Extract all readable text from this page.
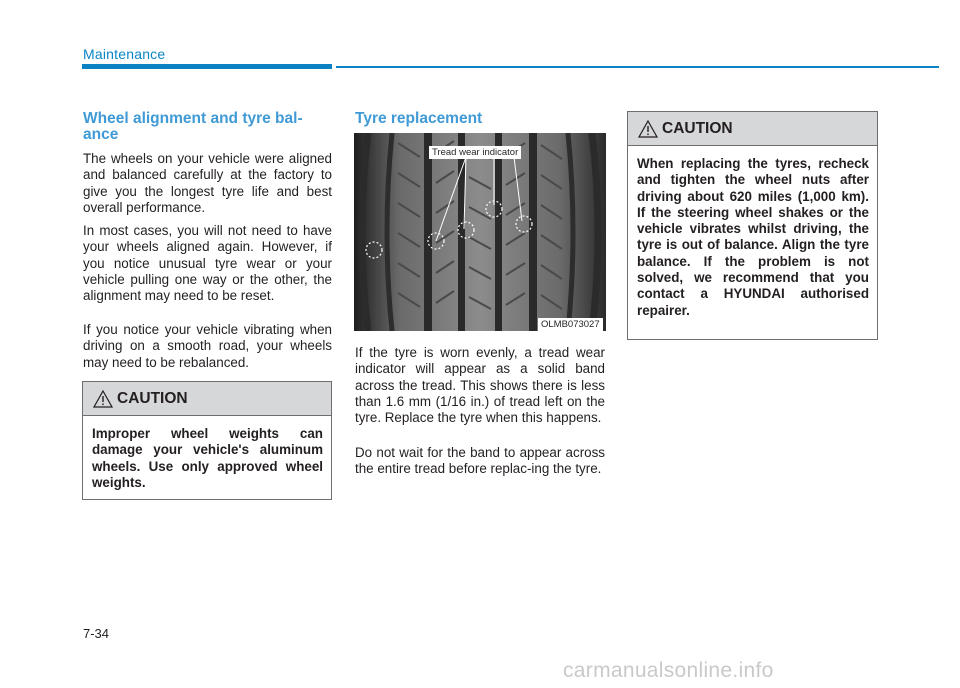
Maintenance
Wheel alignment and tyre bal-
ance

The wheels on your vehicle were aligned and balanced carefully at the factory to give you the longest tyre life and best overall performance.

In most cases, you will not need to have your wheels aligned again. However, if you notice unusual tyre wear or your vehicle pulling one way or the other, the alignment may need to be reset.

If you notice your vehicle vibrating when driving on a smooth road, your wheels may need to be rebalanced.

CAUTION
Improper wheel weights can damage your vehicle's aluminum wheels. Use only approved wheel weights.
Tyre replacement
Tread wear indicator
OLMB073027

If the tyre is worn evenly, a tread wear indicator will appear as a solid band across the tread. This shows there is less than 1.6 mm (1/16 in.) of tread left on the tyre. Replace the tyre when this happens.

Do not wait for the band to appear across the entire tread before replac-ing the tyre.

CAUTION
When replacing the tyres, recheck and tighten the wheel nuts after driving about 620 miles (1,000 km). If the steering wheel shakes or the vehicle vibrates whilst driving, the tyre is out of balance. Align the tyre balance. If the problem is not solved, we recommend that you contact a HYUNDAI authorised repairer.
7-34
carmanualsonline.info
